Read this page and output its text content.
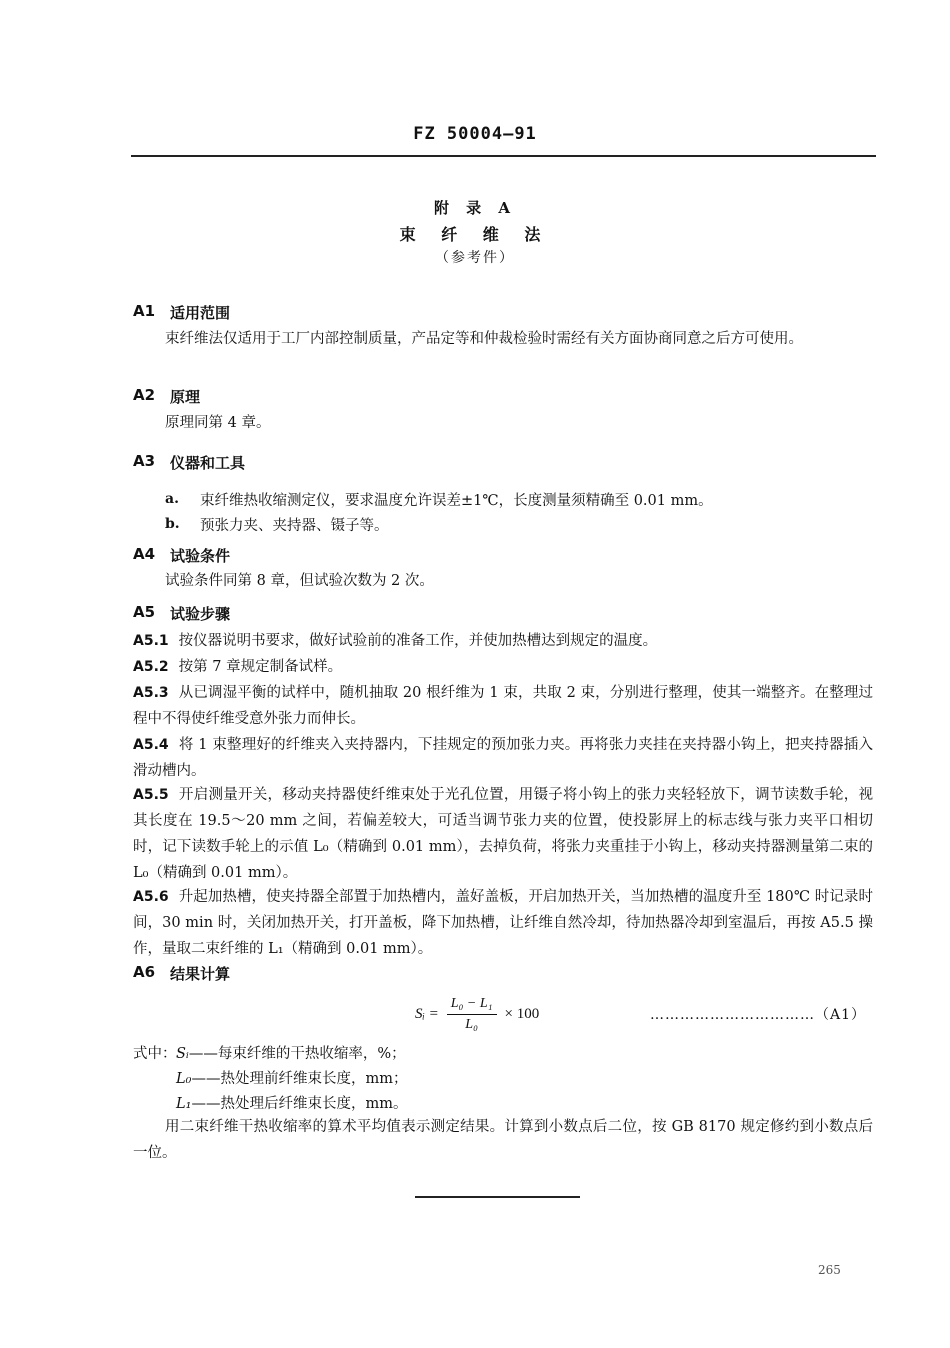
FZ 50004—91
附 录 A
束 纤 维 法
（参考件）
A1 适用范围
束纤维法仅适用于工厂内部控制质量，产品定等和仲裁检验时需经有关方面协商同意之后方可使用。
A2 原理
原理同第 4 章。
A3 仪器和工具
a. 束纤维热收缩测定仪，要求温度允许误差±1℃，长度测量须精确至 0.01 mm。
b. 预张力夹、夹持器、镊子等。
A4 试验条件
试验条件同第 8 章，但试验次数为 2 次。
A5 试验步骤
A5.1 按仪器说明书要求，做好试验前的准备工作，并使加热槽达到规定的温度。
A5.2 按第 7 章规定制备试样。
A5.3 从已调湿平衡的试样中，随机抽取 20 根纤维为 1 束，共取 2 束，分别进行整理，使其一端整齐。在整理过程中不得使纤维受意外张力而伸长。
A5.4 将 1 束整理好的纤维夹入夹持器内，下挂规定的预加张力夹。再将张力夹挂在夹持器小钩上，把夹持器插入滑动槽内。
A5.5 开启测量开关，移动夹持器使纤维束处于光孔位置，用镊子将小钩上的张力夹轻轻放下，调节读数手轮，视其长度在 19.5～20 mm 之间，若偏差较大，可适当调节张力夹的位置，使投影屏上的标志线与张力夹平口相切时，记下读数手轮上的示值 L₀（精确到 0.01 mm），去掉负荷，将张力夹重挂于小钩上，移动夹持器测量第二束的 L₀（精确到 0.01 mm）。
A5.6 升起加热槽，使夹持器全部置于加热槽内，盖好盖板，开启加热开关，当加热槽的温度升至 180℃ 时记录时间，30 min 时，关闭加热开关，打开盖板，降下加热槽，让纤维自然冷却，待加热器冷却到室温后，再按 A5.5 操作，量取二束纤维的 L₁（精确到 0.01 mm）。
A6 结果计算
Sᵢ = $\frac{\text{L₀ − L₁}}{\text{L₀}} \times 100$	……………………………（A1）
式中： Sᵢ——每束纤维的干热收缩率，%；
L₀——热处理前纤维束长度，mm；
L₁——热处理后纤维束长度，mm。
用二束纤维干热收缩率的算术平均值表示测定结果。计算到小数点后二位，按 GB 8170 规定修约到小数点后一位。
265
